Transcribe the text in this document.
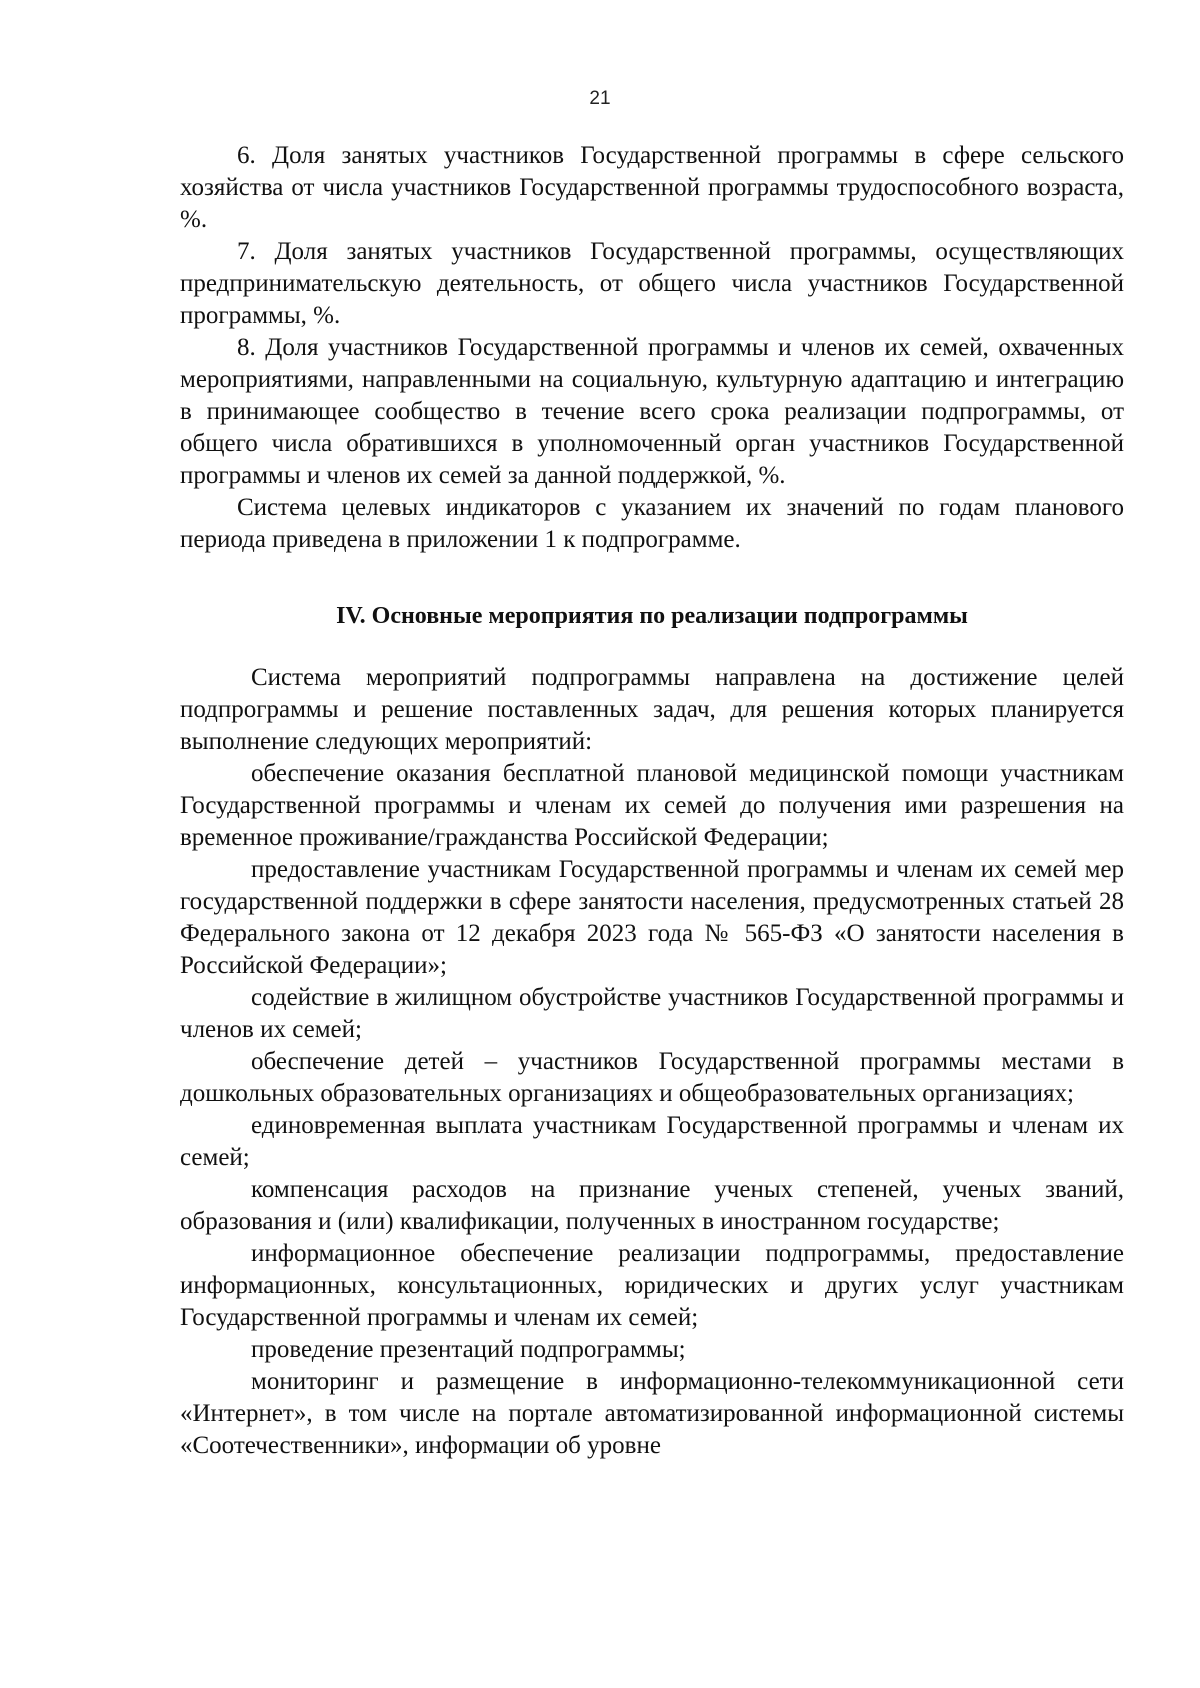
21

6. Доля занятых участников Государственной программы в сфере сельского хозяйства от числа участников Государственной программы трудоспособного возраста, %.

7. Доля занятых участников Государственной программы, осуществляющих предпринимательскую деятельность, от общего числа участников Государственной программы, %.

8. Доля участников Государственной программы и членов их семей, охваченных мероприятиями, направленными на социальную, культурную адаптацию и интеграцию в принимающее сообщество в течение всего срока реализации подпрограммы, от общего числа обратившихся в уполномоченный орган участников Государственной программы и членов их семей за данной поддержкой, %.

Система целевых индикаторов с указанием их значений по годам планового периода приведена в приложении 1 к подпрограмме.

IV. Основные мероприятия по реализации подпрограммы

Система мероприятий подпрограммы направлена на достижение целей подпрограммы и решение поставленных задач, для решения которых планируется выполнение следующих мероприятий:

обеспечение оказания бесплатной плановой медицинской помощи участникам Государственной программы и членам их семей до получения ими разрешения на временное проживание/гражданства Российской Федерации;

предоставление участникам Государственной программы и членам их семей мер государственной поддержки в сфере занятости населения, предусмотренных статьей 28 Федерального закона от 12 декабря 2023 года № 565-ФЗ «О занятости населения в Российской Федерации»;

содействие в жилищном обустройстве участников Государственной программы и членов их семей;

обеспечение детей – участников Государственной программы местами в дошкольных образовательных организациях и общеобразовательных организациях;

единовременная выплата участникам Государственной программы и членам их семей;

компенсация расходов на признание ученых степеней, ученых званий, образования и (или) квалификации, полученных в иностранном государстве;

информационное обеспечение реализации подпрограммы, предоставление информационных, консультационных, юридических и других услуг участникам Государственной программы и членам их семей;

проведение презентаций подпрограммы;

мониторинг и размещение в информационно-телекоммуникационной сети «Интернет», в том числе на портале автоматизированной информационной системы «Соотечественники», информации об уровне
